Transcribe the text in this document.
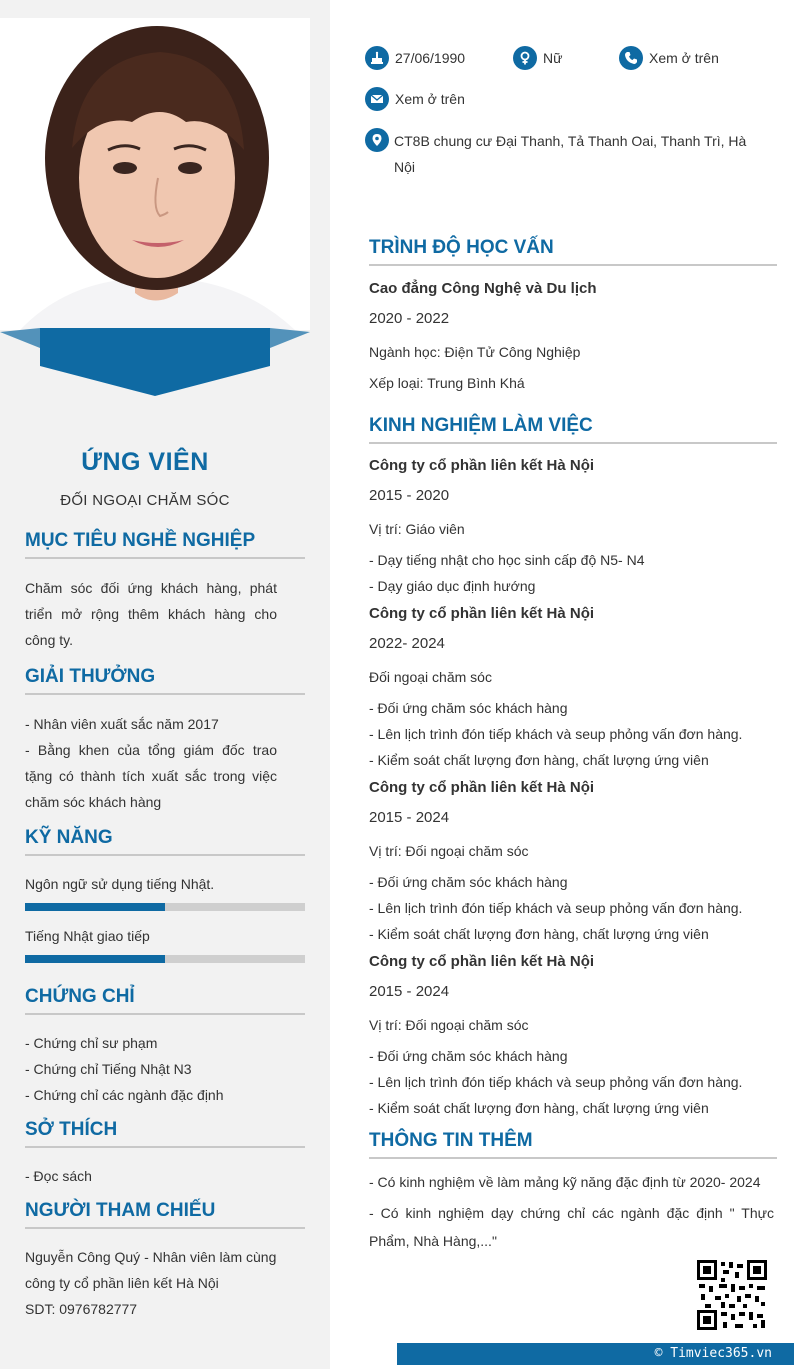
ỨNG VIÊN
ĐỐI NGOẠI CHĂM SÓC
MỤC TIÊU NGHỀ NGHIỆP
Chăm sóc đối ứng khách hàng, phát triển mở rộng thêm khách hàng cho công ty.
GIẢI THƯỞNG
- Nhân viên xuất sắc năm 2017
- Bằng khen của tổng giám đốc trao tặng có thành tích xuất sắc trong việc chăm sóc khách hàng
KỸ NĂNG
Ngôn ngữ sử dụng tiếng Nhật.
Tiếng Nhật giao tiếp
CHỨNG CHỈ
- Chứng chỉ sư phạm
- Chứng chỉ Tiếng Nhật N3
- Chứng chỉ các ngành đặc định
SỞ THÍCH
- Đọc sách
NGƯỜI THAM CHIẾU
Nguyễn Công Quý - Nhân viên làm cùng công ty cổ phần liên kết Hà Nội
SDT: 0976782777
27/06/1990	Nữ	Xem ở trên
Xem ở trên
CT8B chung cư Đại Thanh, Tả Thanh Oai, Thanh Trì, Hà Nội
TRÌNH ĐỘ HỌC VẤN
Cao đẳng Công Nghệ và Du lịch
2020 - 2022
Ngành học: Điện Tử Công Nghiệp
Xếp loại: Trung Bình Khá
KINH NGHIỆM LÀM VIỆC
Công ty cổ phần liên kết Hà Nội
2015 - 2020
Vị trí: Giáo viên
- Dạy tiếng nhật cho học sinh cấp độ N5- N4
- Dạy giáo dục định hướng
Công ty cổ phần liên kết Hà Nội
2022- 2024
Đối ngoại chăm sóc
- Đối ứng chăm sóc khách hàng
- Lên lịch trình đón tiếp khách và seup phỏng vấn đơn hàng.
- Kiểm soát chất lượng đơn hàng, chất lượng ứng viên
Công ty cổ phần liên kết Hà Nội
2015 - 2024
Vị trí: Đối ngoại chăm sóc
- Đối ứng chăm sóc khách hàng
- Lên lịch trình đón tiếp khách và seup phỏng vấn đơn hàng.
- Kiểm soát chất lượng đơn hàng, chất lượng ứng viên
Công ty cổ phần liên kết Hà Nội
2015 - 2024
Vị trí: Đối ngoại chăm sóc
- Đối ứng chăm sóc khách hàng
- Lên lịch trình đón tiếp khách và seup phỏng vấn đơn hàng.
- Kiểm soát chất lượng đơn hàng, chất lượng ứng viên
THÔNG TIN THÊM
- Có kinh nghiệm về làm mảng kỹ năng đặc định từ 2020- 2024
- Có kinh nghiệm dạy chứng chỉ các ngành đặc định " Thực Phẩm, Nhà Hàng,..."
© Timviec365.vn
